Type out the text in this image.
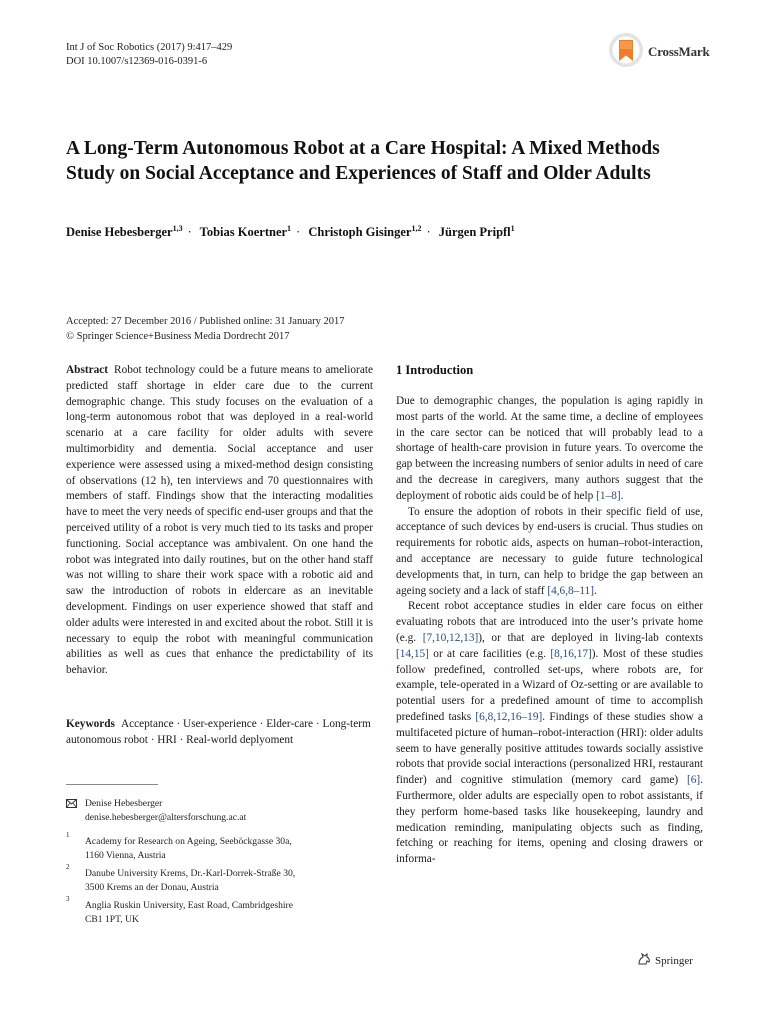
Int J of Soc Robotics (2017) 9:417–429
DOI 10.1007/s12369-016-0391-6
CrossMark
A Long-Term Autonomous Robot at a Care Hospital: A Mixed Methods Study on Social Acceptance and Experiences of Staff and Older Adults
Denise Hebesberger$^{1,3}$ · Tobias Koertner$^1$ · Christoph Gisinger$^{1,2}$ · Jürgen Pripfl$^1$
Accepted: 27 December 2016 / Published online: 31 January 2017
© Springer Science+Business Media Dordrecht 2017

Abstract Robot technology could be a future means to ameliorate predicted staff shortage in elder care due to the current demographic change. This study focuses on the evaluation of a long-term autonomous robot that was deployed in a real-world scenario at a care facility for older adults with severe multimorbidity and dementia. Social acceptance and user experience were assessed using a mixed-method design consisting of observations (12 h), ten interviews and 70 questionnaires with members of staff. Findings show that the interacting modalities have to meet the very needs of specific end-user groups and that the perceived utility of a robot is very much tied to its tasks and proper functioning. Social acceptance was ambivalent. On one hand the robot was integrated into daily routines, but on the other hand staff was not willing to share their work space with a robotic aid and saw the introduction of robots in eldercare as an inevitable development. Findings on user experience showed that staff and older adults were interested in and excited about the robot. Still it is necessary to equip the robot with meaningful communication abilities as well as cues that enhance the predictability of its behavior.

Keywords Acceptance · User-experience · Elder-care · Long-term autonomous robot · HRI · Real-world deplyoment

Denise Hebesberger
denise.hebesberger@altersforschung.ac.at
1
Academy for Research on Ageing, Seeböckgasse 30a,
1160 Vienna, Austria
2
Danube University Krems, Dr.-Karl-Dorrek-Straße 30,
3500 Krems an der Donau, Austria
3
Anglia Ruskin University, East Road, Cambridgeshire
CB1 1PT, UK
1 Introduction

Due to demographic changes, the population is aging rapidly in most parts of the world. At the same time, a decline of employees in the care sector can be noticed that will probably lead to a shortage of health-care provision in future years. To overcome the gap between the increasing numbers of senior adults in need of care and the decrease in caregivers, many authors suggest that the deployment of robotic aids could be of help [1–8].

To ensure the adoption of robots in their specific field of use, acceptance of such devices by end-users is crucial. Thus studies on requirements for robotic aids, aspects on human–robot-interaction, and acceptance are necessary to guide future technological developments that, in turn, can help to bridge the gap between an ageing society and a lack of staff [4,6,8–11].

Recent robot acceptance studies in elder care focus on either evaluating robots that are introduced into the user’s private home (e.g. [7,10,12,13]), or that are deployed in living-lab contexts [14,15] or at care facilities (e.g. [8,16,17]). Most of these studies follow predefined, controlled set-ups, where robots are, for example, tele-operated in a Wizard of Oz-setting or are available to potential users for a predefined amount of time to accomplish predefined tasks [6,8,12,16–19]. Findings of these studies show a multifaceted picture of human–robot-interaction (HRI): older adults seem to have generally positive attitudes towards socially assistive robots that provide social interactions (personalized HRI, restaurant finder) and cognitive stimulation (memory card game) [6]. Furthermore, older adults are especially open to robot assistants, if they perform home-based tasks like housekeeping, laundry and medication reminding, manipulating objects such as finding, fetching or reaching for items, opening and closing drawers or informa-

Springer
